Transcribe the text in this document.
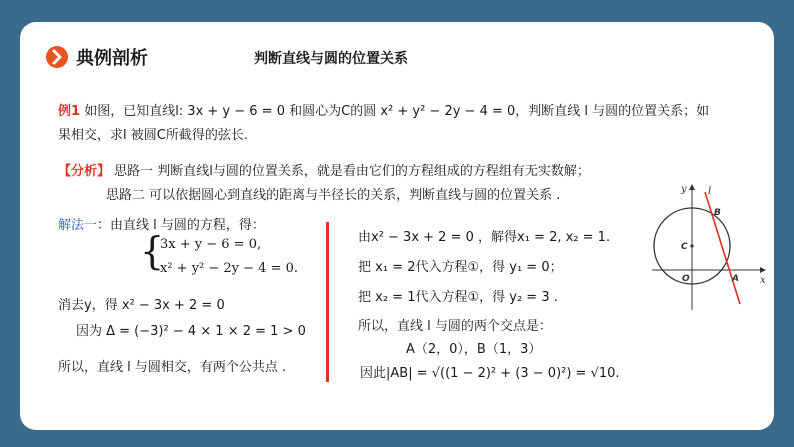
典例剖析	判断直线与圆的位置关系
例1 如图，已知直线l: 3x + y − 6 = 0 和圆心为C的圆 x² + y² − 2y − 4 = 0，判断直线 l 与圆的位置关系；如
果相交，求l 被圆C所截得的弦长.
【分析】 思路一 判断直线l与圆的位置关系，就是看由它们的方程组成的方程组有无实数解；
思路二 可以依据圆心到直线的距离与半径长的关系，判断直线与圆的位置关系 .
解法一：由直线 l 与圆的方程，得：
{
3x + y − 6 = 0,
x² + y² − 2y − 4 = 0.
消去y，得 x² − 3x + 2 = 0
因为 Δ = (−3)² − 4 × 1 × 2 = 1 > 0
所以，直线 l 与圆相交，有两个公共点 .
由x² − 3x + 2 = 0 ，解得x₁ = 2, x₂ = 1.
把 x₁ = 2代入方程①，得 y₁ = 0；
把 x₂ = 1代入方程①，得 y₂ = 3 .
所以，直线 l 与圆的两个交点是：
A（2，0），B（1，3）
因此|AB| = √((1 − 2)² + (3 − 0)²) = √10.
y
x
l
B
C
O	A
